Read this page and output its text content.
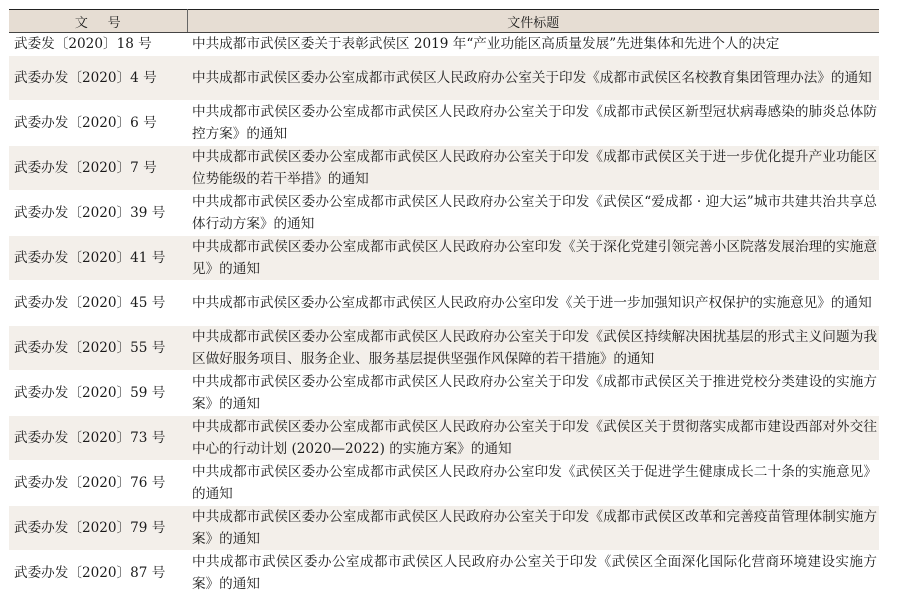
文 号	文件标题
武委发〔2020〕18 号	中共成都市武侯区委关于表彰武侯区 2019 年“产业功能区高质量发展”先进集体和先进个人的决定
武委办发〔2020〕4 号	中共成都市武侯区委办公室成都市武侯区人民政府办公室关于印发《成都市武侯区名校教育集团管理办法》的通知
武委办发〔2020〕6 号	中共成都市武侯区委办公室成都市武侯区人民政府办公室关于印发《成都市武侯区新型冠状病毒感染的肺炎总体防控方案》的通知
武委办发〔2020〕7 号	中共成都市武侯区委办公室成都市武侯区人民政府办公室关于印发《成都市武侯区关于进一步优化提升产业功能区位势能级的若干举措》的通知
武委办发〔2020〕39 号	中共成都市武侯区委办公室成都市武侯区人民政府办公室关于印发《武侯区“爱成都 · 迎大运”城市共建共治共享总体行动方案》的通知
武委办发〔2020〕41 号	中共成都市武侯区委办公室成都市武侯区人民政府办公室印发《关于深化党建引领完善小区院落发展治理的实施意见》的通知
武委办发〔2020〕45 号	中共成都市武侯区委办公室成都市武侯区人民政府办公室印发《关于进一步加强知识产权保护的实施意见》的通知
武委办发〔2020〕55 号	中共成都市武侯区委办公室成都市武侯区人民政府办公室关于印发《武侯区持续解决困扰基层的形式主义问题为我区做好服务项目、服务企业、服务基层提供坚强作风保障的若干措施》的通知
武委办发〔2020〕59 号	中共成都市武侯区委办公室成都市武侯区人民政府办公室关于印发《成都市武侯区关于推进党校分类建设的实施方案》的通知
武委办发〔2020〕73 号	中共成都市武侯区委办公室成都市武侯区人民政府办公室关于印发《武侯区关于贯彻落实成都市建设西部对外交往中心的行动计划 (2020—2022) 的实施方案》的通知
武委办发〔2020〕76 号	中共成都市武侯区委办公室成都市武侯区人民政府办公室印发《武侯区关于促进学生健康成长二十条的实施意见》的通知
武委办发〔2020〕79 号	中共成都市武侯区委办公室成都市武侯区人民政府办公室关于印发《成都市武侯区改革和完善疫苗管理体制实施方案》的通知
武委办发〔2020〕87 号	中共成都市武侯区委办公室成都市武侯区人民政府办公室关于印发《武侯区全面深化国际化营商环境建设实施方案》的通知
